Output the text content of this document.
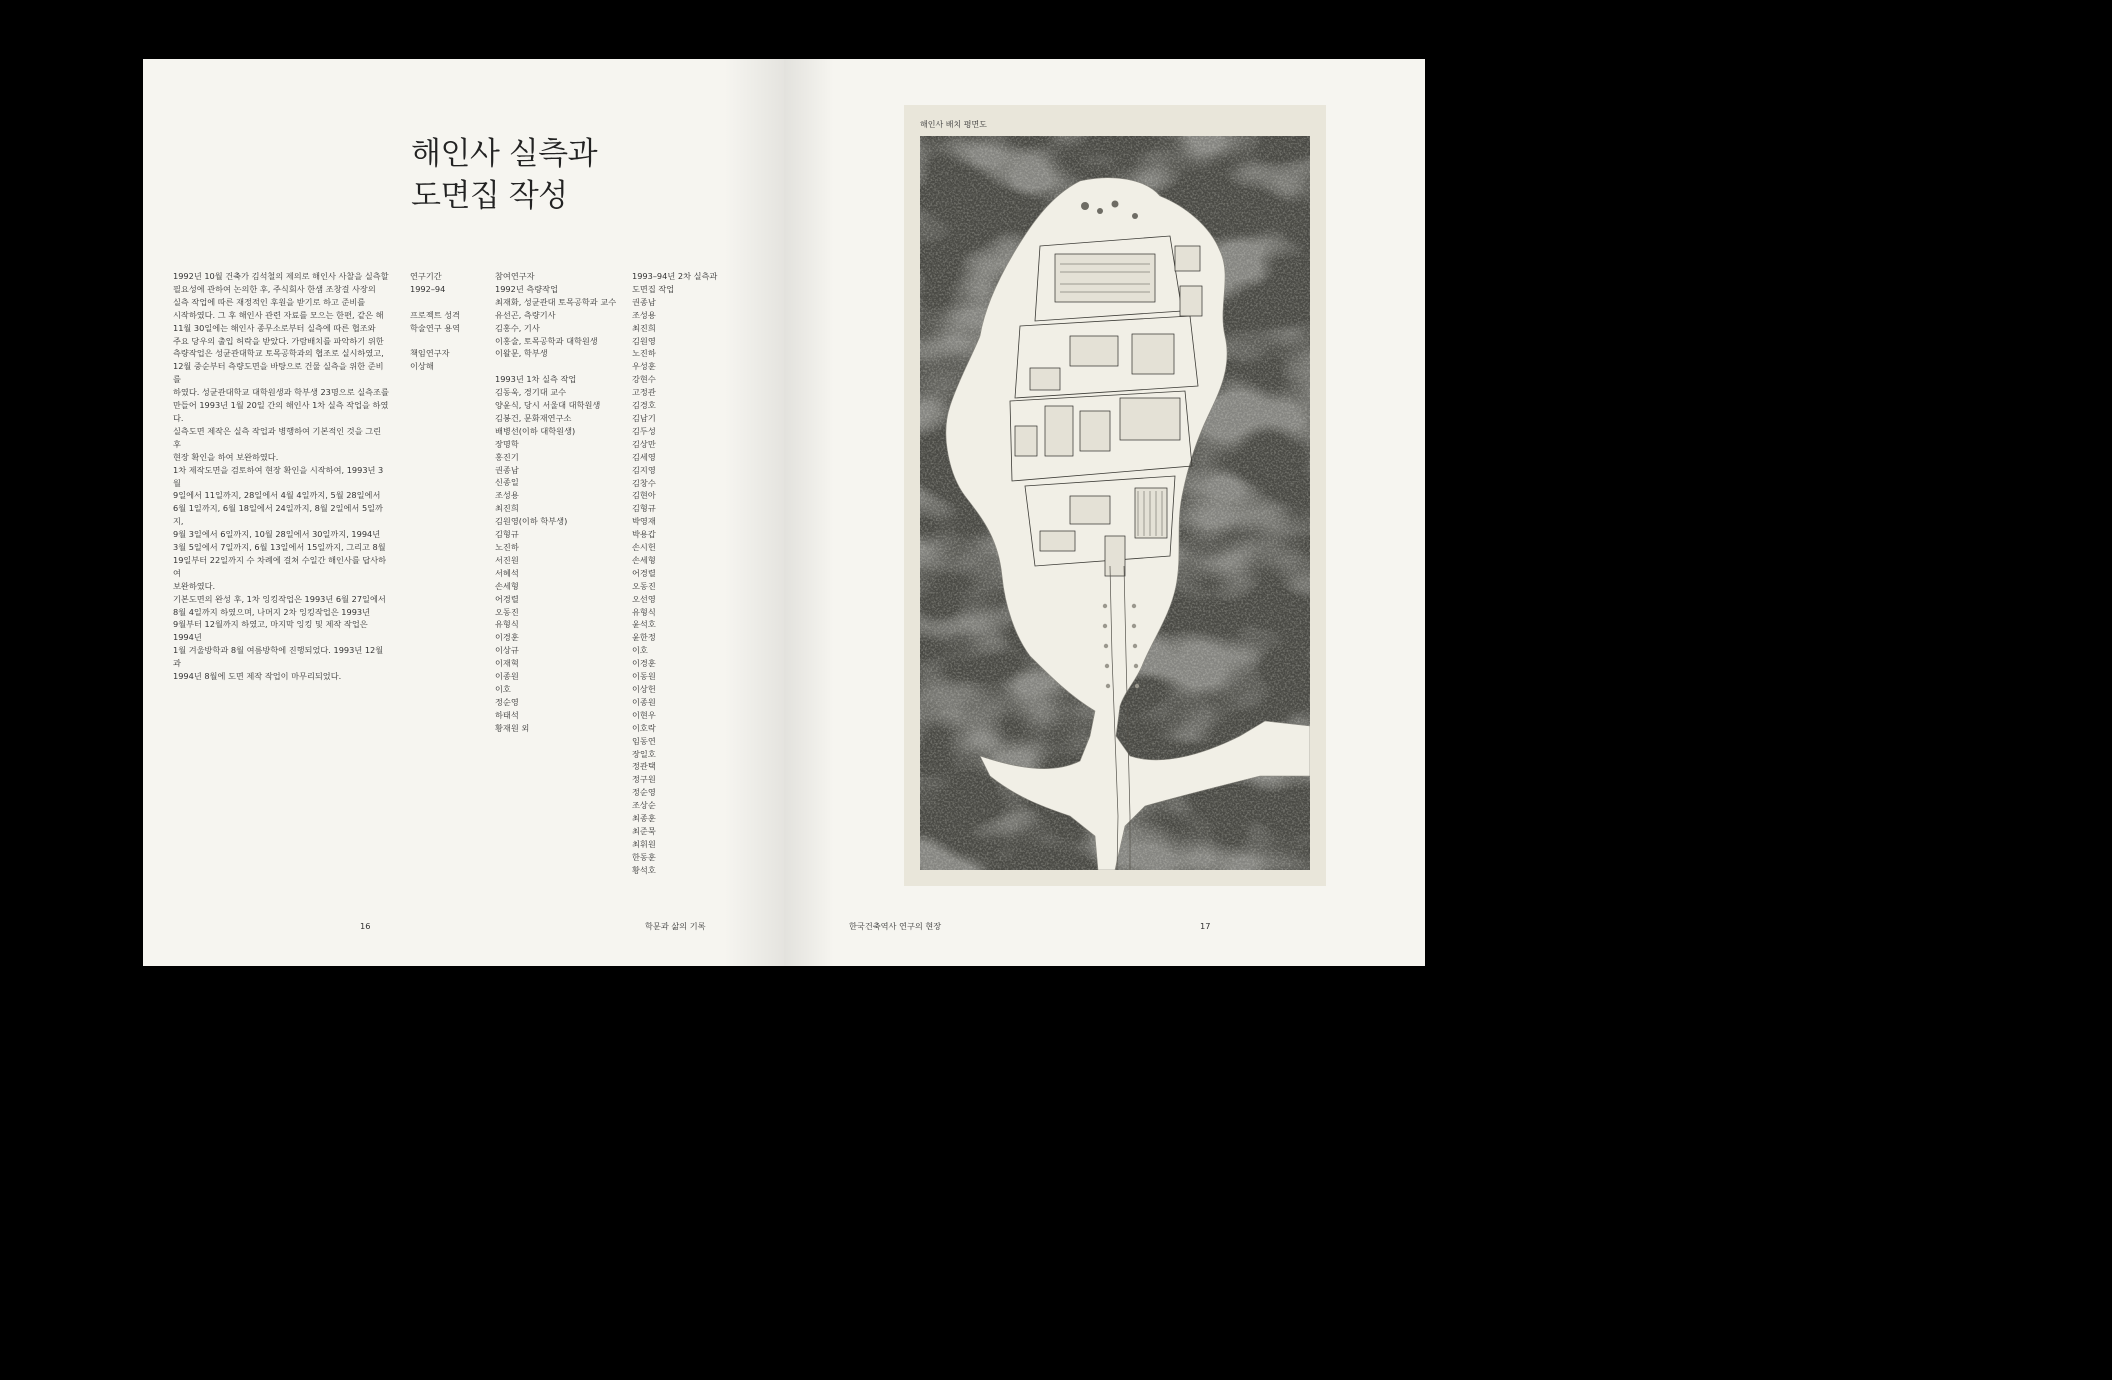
해인사 실측과
도면집 작성

1992년 10월 건축가 김석철의 제의로 해인사 사찰을 실측할
필요성에 관하여 논의한 후, 주식회사 한샘 조창걸 사장의
실측 작업에 따른 재정적인 후원을 받기로 하고 준비를
시작하였다. 그 후 해인사 관련 자료를 모으는 한편, 같은 해
11월 30일에는 해인사 종무소로부터 실측에 따른 협조와
주요 당우의 출입 허락을 받았다. 가람배치를 파악하기 위한
측량작업은 성균관대학교 토목공학과의 협조로 실시하였고,
12월 중순부터 측량도면을 바탕으로 건물 실측을 위한 준비를
하였다. 성균관대학교 대학원생과 학부생 23명으로 실측조를
만들어 1993년 1월 20일 간의 해인사 1차 실측 작업을 하였다.
실측도면 제작은 실측 작업과 병행하여 기본적인 것을 그린 후
현장 확인을 하여 보완하였다.
1차 제작도면을 검토하여 현장 확인을 시작하여, 1993년 3월
9일에서 11일까지, 28일에서 4월 4일까지, 5월 28일에서
6월 1일까지, 6월 18일에서 24일까지, 8월 2일에서 5일까지,
9월 3일에서 6일까지, 10월 28일에서 30일까지, 1994년
3월 5일에서 7일까지, 6월 13일에서 15일까지, 그리고 8월
19일부터 22일까지 수 차례에 걸쳐 수일간 해인사를 답사하여
보완하였다.
기본도면의 완성 후, 1차 잉킹작업은 1993년 6월 27일에서
8월 4일까지 하였으며, 나머지 2차 잉킹작업은 1993년
9월부터 12월까지 하였고, 마지막 잉킹 및 제작 작업은 1994년
1월 겨울방학과 8월 여름방학에 진행되었다. 1993년 12월과
1994년 8월에 도면 제작 작업이 마무리되었다.

연구기간
1992–94
프로젝트 성격
학술연구 용역
책임연구자
이상해
참여연구자
1992년 측량작업
최재화, 성균관대 토목공학과 교수
유선곤, 측량기사
김홍수, 기사
이홍술, 토목공학과 대학원생
이왈문, 학부생
1993년 1차 실측 작업
김동욱, 경기대 교수
양윤식, 당시 서울대 대학원생
김봉건, 문화재연구소
배병선(이하 대학원생)
장명학
홍진기
권종남
신종일
조성용
최진희
김원영(이하 학부생)
김형규
노진하
서진원
서혜석
손세형
어경렬
오동진
유형식
이경훈
이상규
이재혁
이종원
이호
정순영
하태석
황재원 외
1993–94년 2차 실측과
도면집 작업
권종남
조성용
최진희
김원영
노진하
우성훈
강현수
고정관
김경호
김남기
김두성
김상만
김세영
김지영
김창수
김현아
김형규
박영재
박용갑
손시헌
손세형
어경렬
오동진
오선영
유형식
윤석호
윤한정
이호
이경훈
이동원
이상헌
이종원
이현우
이호락
임동연
장일호
정관택
정구원
정순영
조상순
최종훈
최준묵
최휘원
한동훈
황석호
16	학문과 삶의 기록
해인사 배치 평면도
한국건축역사 연구의 현장	17
